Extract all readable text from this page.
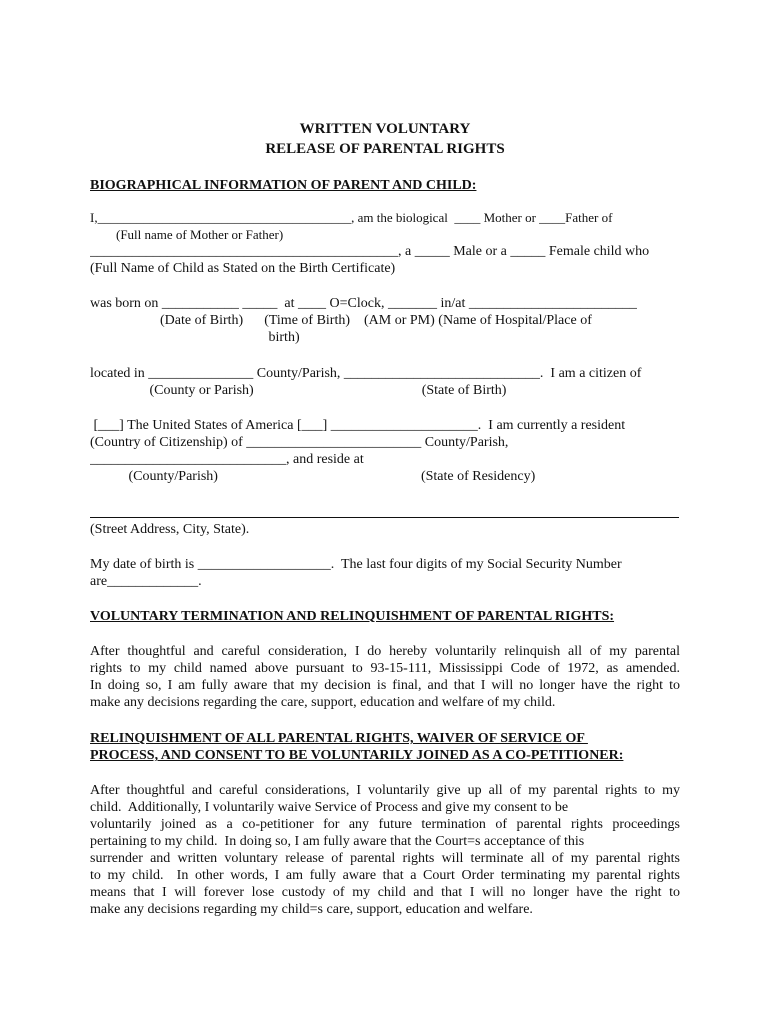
WRITTEN VOLUNTARY

RELEASE OF PARENTAL RIGHTS

BIOGRAPHICAL INFORMATION OF PARENT AND CHILD:

I,_______________________________________, am the biological  ____ Mother or ____Father of

(Full name of Mother or Father)

____________________________________________, a _____ Male or a _____ Female child who

(Full Name of Child as Stated on the Birth Certificate)

was born on ___________ _____  at ____ O=Clock, _______ in/at ________________________

(Date of Birth)      (Time of Birth)    (AM or PM) (Name of Hospital/Place of

birth)

located in _______________ County/Parish, ____________________________.  I am a citizen of

(County or Parish)                                                (State of Birth)

[___] The United States of America [___] _____________________.  I am currently a resident

(Country of Citizenship) of _________________________ County/Parish,

____________________________, and reside at

(County/Parish)                                                          (State of Residency)

(Street Address, City, State).

My date of birth is ___________________.  The last four digits of my Social Security Number

are_____________.

VOLUNTARY TERMINATION AND RELINQUISHMENT OF PARENTAL RIGHTS:

After thoughtful and careful consideration, I do hereby voluntarily relinquish all of my parental

rights to my child named above pursuant to 93-15-111, Mississippi Code of 1972, as amended.

In doing so, I am fully aware that my decision is final, and that I will no longer have the right to

make any decisions regarding the care, support, education and welfare of my child.

RELINQUISHMENT OF ALL PARENTAL RIGHTS, WAIVER OF SERVICE OF

PROCESS, AND CONSENT TO BE VOLUNTARILY JOINED AS A CO-PETITIONER:

After thoughtful and careful considerations, I voluntarily give up all of my parental rights to my

child.  Additionally, I voluntarily waive Service of Process and give my consent to be

voluntarily joined as a co-petitioner for any future termination of parental rights proceedings

pertaining to my child.  In doing so, I am fully aware that the Court=s acceptance of this

surrender and written voluntary release of parental rights will terminate all of my parental rights

to my child.  In other words, I am fully aware that a Court Order terminating my parental rights

means that I will forever lose custody of my child and that I will no longer have the right to

make any decisions regarding my child=s care, support, education and welfare.
